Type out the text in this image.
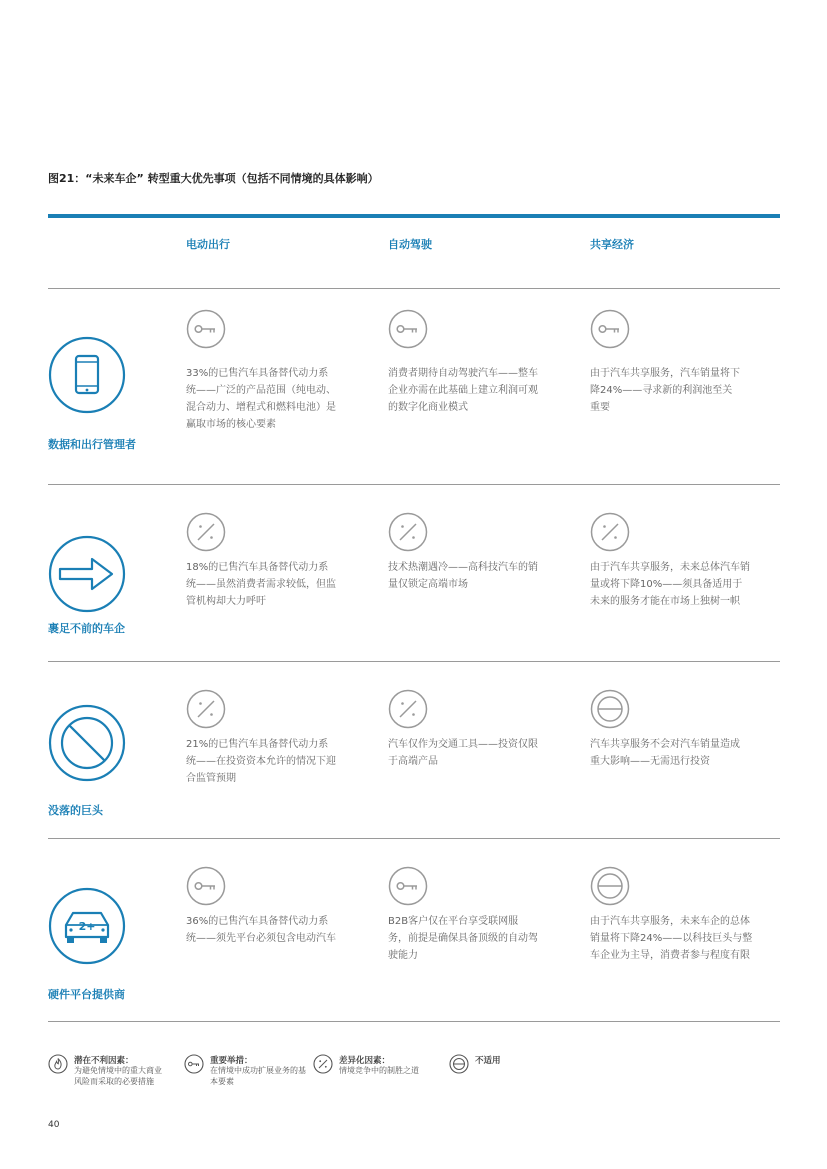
图21：“未来车企” 转型重大优先事项（包括不同情境的具体影响）
电动出行	自动驾驶	共享经济
数据和出行管理者
33%的已售汽车具备替代动力系统——广泛的产品范围（纯电动、混合动力、增程式和燃料电池）是赢取市场的核心要素
消费者期待自动驾驶汽车——整车企业亦需在此基础上建立利润可观的数字化商业模式
由于汽车共享服务，汽车销量将下降24%——寻求新的利润池至关重要
裹足不前的车企
18%的已售汽车具备替代动力系统——虽然消费者需求较低，但监管机构却大力呼吁
技术热潮遇冷——高科技汽车的销量仅锁定高端市场
由于汽车共享服务，未来总体汽车销量或将下降10%——须具备适用于未来的服务才能在市场上独树一帜
没落的巨头
21%的已售汽车具备替代动力系统——在投资资本允许的情况下迎合监管预期
汽车仅作为交通工具——投资仅限于高端产品
汽车共享服务不会对汽车销量造成重大影响——无需迅行投资
2+
硬件平台提供商
36%的已售汽车具备替代动力系统——须先平台必须包含电动汽车
B2B客户仅在平台享受联网服务，前提是确保具备顶级的自动驾驶能力
由于汽车共享服务，未来车企的总体销量将下降24%——以科技巨头与整车企业为主导，消费者参与程度有限
潜在不利因素：
为避免情境中的重大商业风险而采取的必要措施
重要举措：
在情境中成功扩展业务的基本要素
差异化因素：
情境竞争中的制胜之道
不适用
40
